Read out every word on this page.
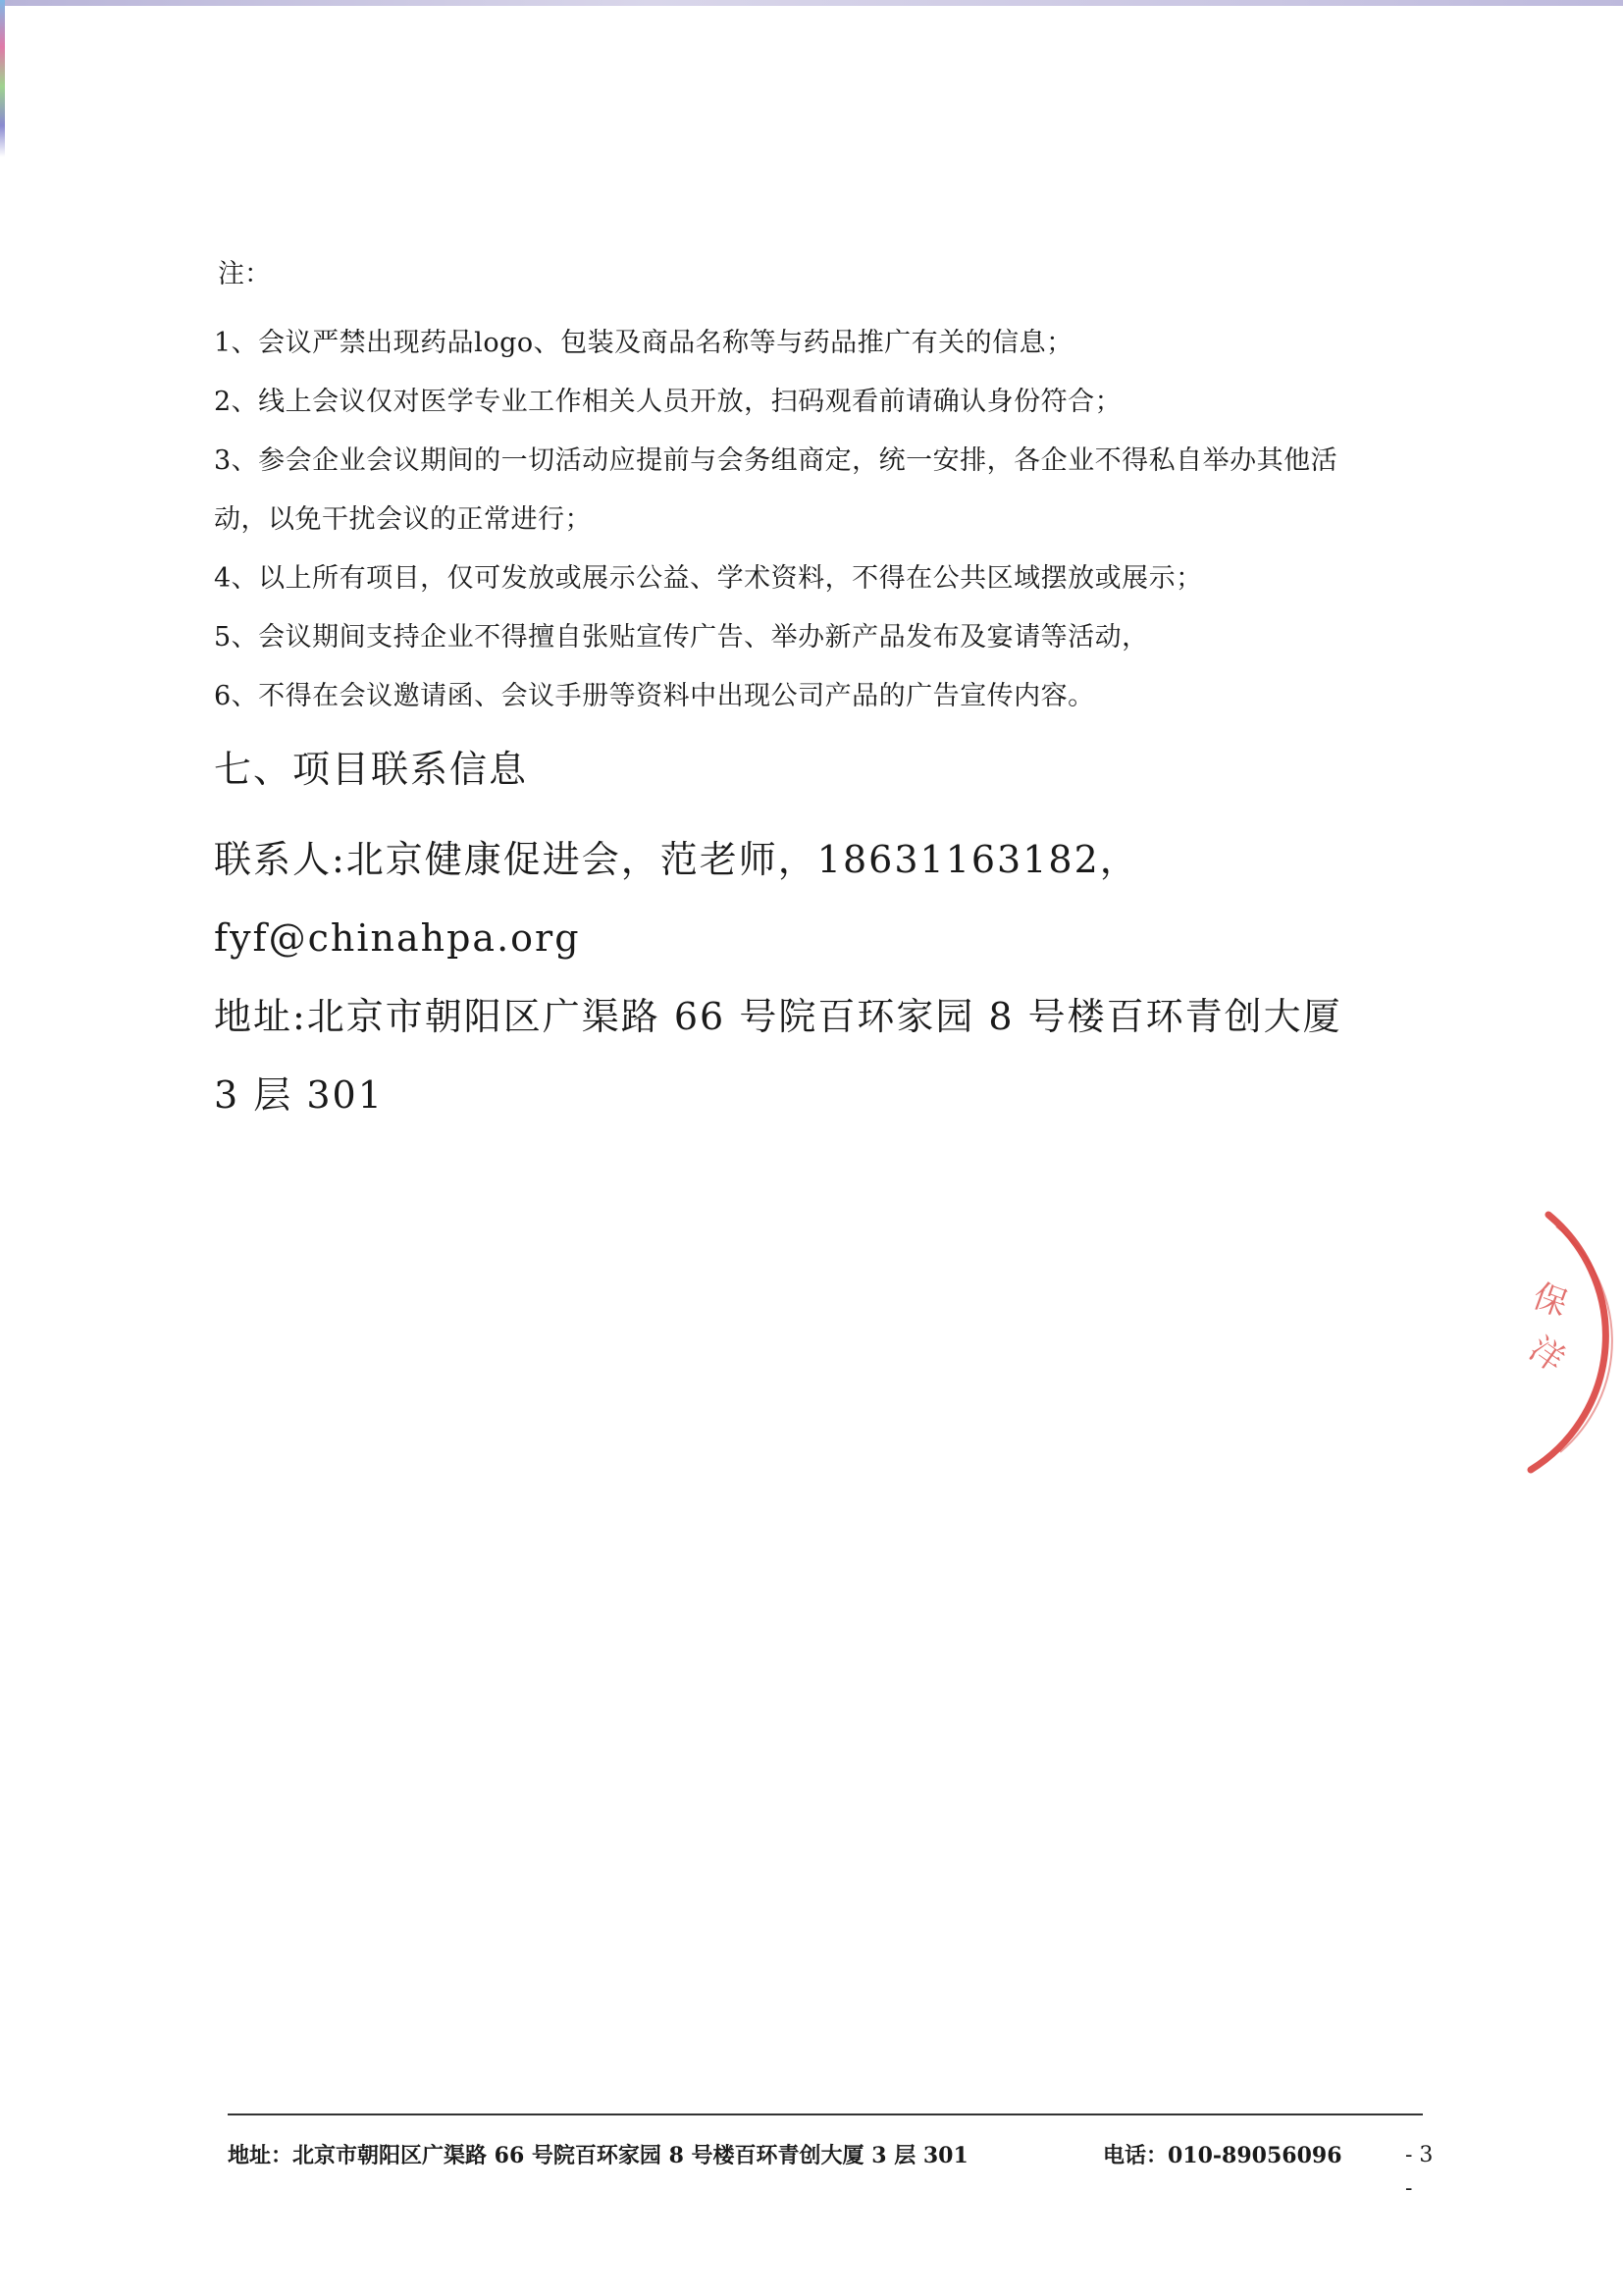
注：
1、会议严禁出现药品logo、包装及商品名称等与药品推广有关的信息；
2、线上会议仅对医学专业工作相关人员开放，扫码观看前请确认身份符合；
3、参会企业会议期间的一切活动应提前与会务组商定，统一安排，各企业不得私自举办其他活
动，以免干扰会议的正常进行；
4、以上所有项目，仅可发放或展示公益、学术资料，不得在公共区域摆放或展示；
5、会议期间支持企业不得擅自张贴宣传广告、举办新产品发布及宴请等活动，
6、不得在会议邀请函、会议手册等资料中出现公司产品的广告宣传内容。
七、项目联系信息
联系人:北京健康促进会，范老师，18631163182，
fyf@chinahpa.org
地址:北京市朝阳区广渠路 66 号院百环家园 8 号楼百环青创大厦
3 层 301
保
洋
地址：北京市朝阳区广渠路 66 号院百环家园 8 号楼百环青创大厦 3 层 301	电话：010-89056096	- 3 -
